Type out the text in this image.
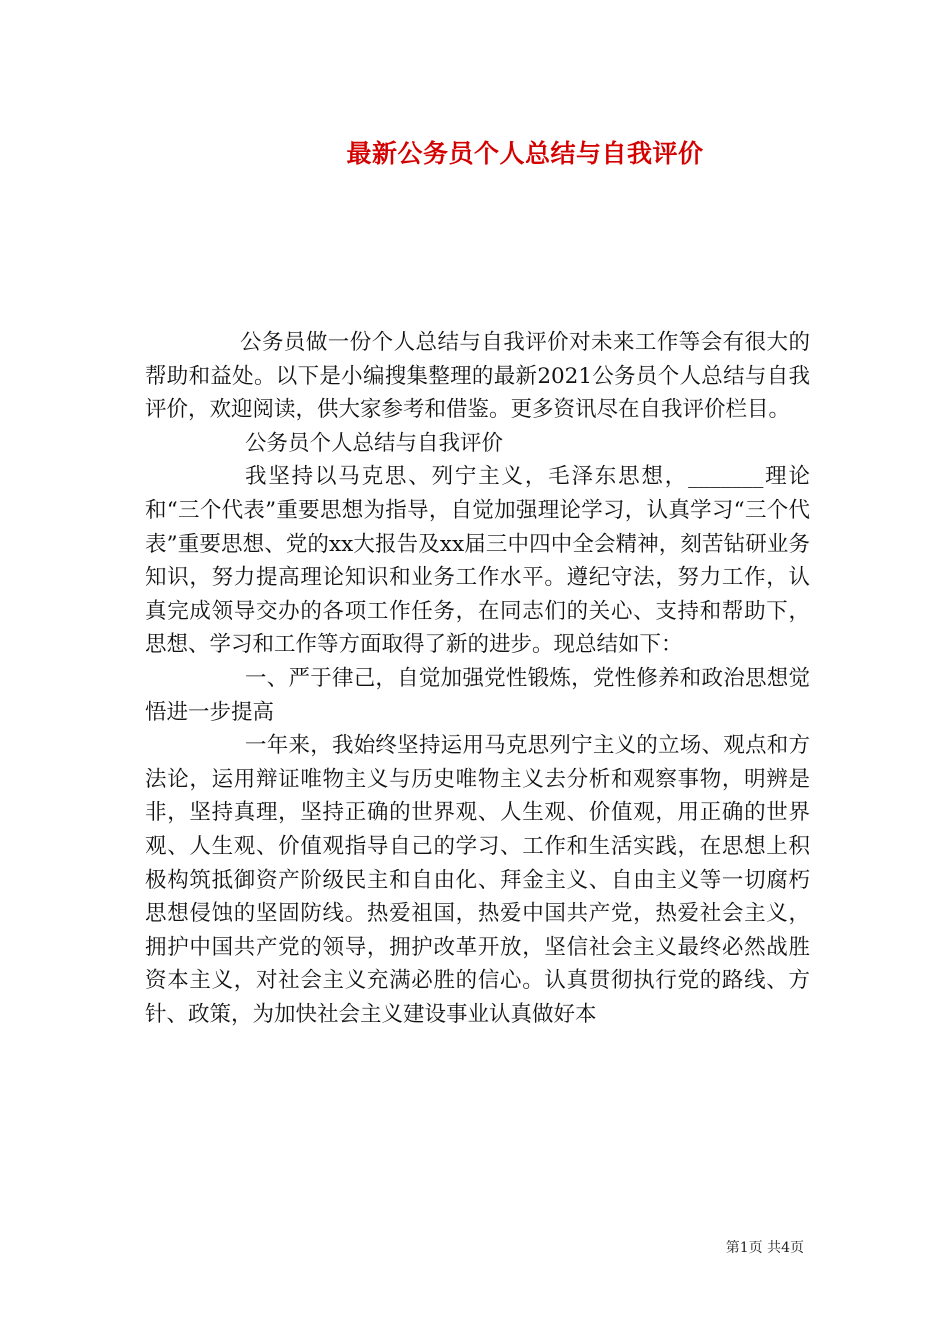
最新公务员个人总结与自我评价

公务员做一份个人总结与自我评价对未来工作等会有很大的帮助和益处。以下是小编搜集整理的最新2021公务员个人总结与自我评价，欢迎阅读，供大家参考和借鉴。更多资讯尽在自我评价栏目。

公务员个人总结与自我评价

我坚持以马克思、列宁主义，毛泽东思想，_______理论和“三个代表”重要思想为指导，自觉加强理论学习，认真学习“三个代表”重要思想、党的xx大报告及xx届三中四中全会精神，刻苦钻研业务知识，努力提高理论知识和业务工作水平。遵纪守法，努力工作，认真完成领导交办的各项工作任务，在同志们的关心、支持和帮助下，思想、学习和工作等方面取得了新的进步。现总结如下：

一、严于律己，自觉加强党性锻炼，党性修养和政治思想觉悟进一步提高

一年来，我始终坚持运用马克思列宁主义的立场、观点和方法论，运用辩证唯物主义与历史唯物主义去分析和观察事物，明辨是非，坚持真理，坚持正确的世界观、人生观、价值观，用正确的世界观、人生观、价值观指导自己的学习、工作和生活实践，在思想上积极构筑抵御资产阶级民主和自由化、拜金主义、自由主义等一切腐朽思想侵蚀的坚固防线。热爱祖国，热爱中国共产党，热爱社会主义，拥护中国共产党的领导，拥护改革开放，坚信社会主义最终必然战胜资本主义，对社会主义充满必胜的信心。认真贯彻执行党的路线、方针、政策，为加快社会主义建设事业认真做好本

第1页 共4页
